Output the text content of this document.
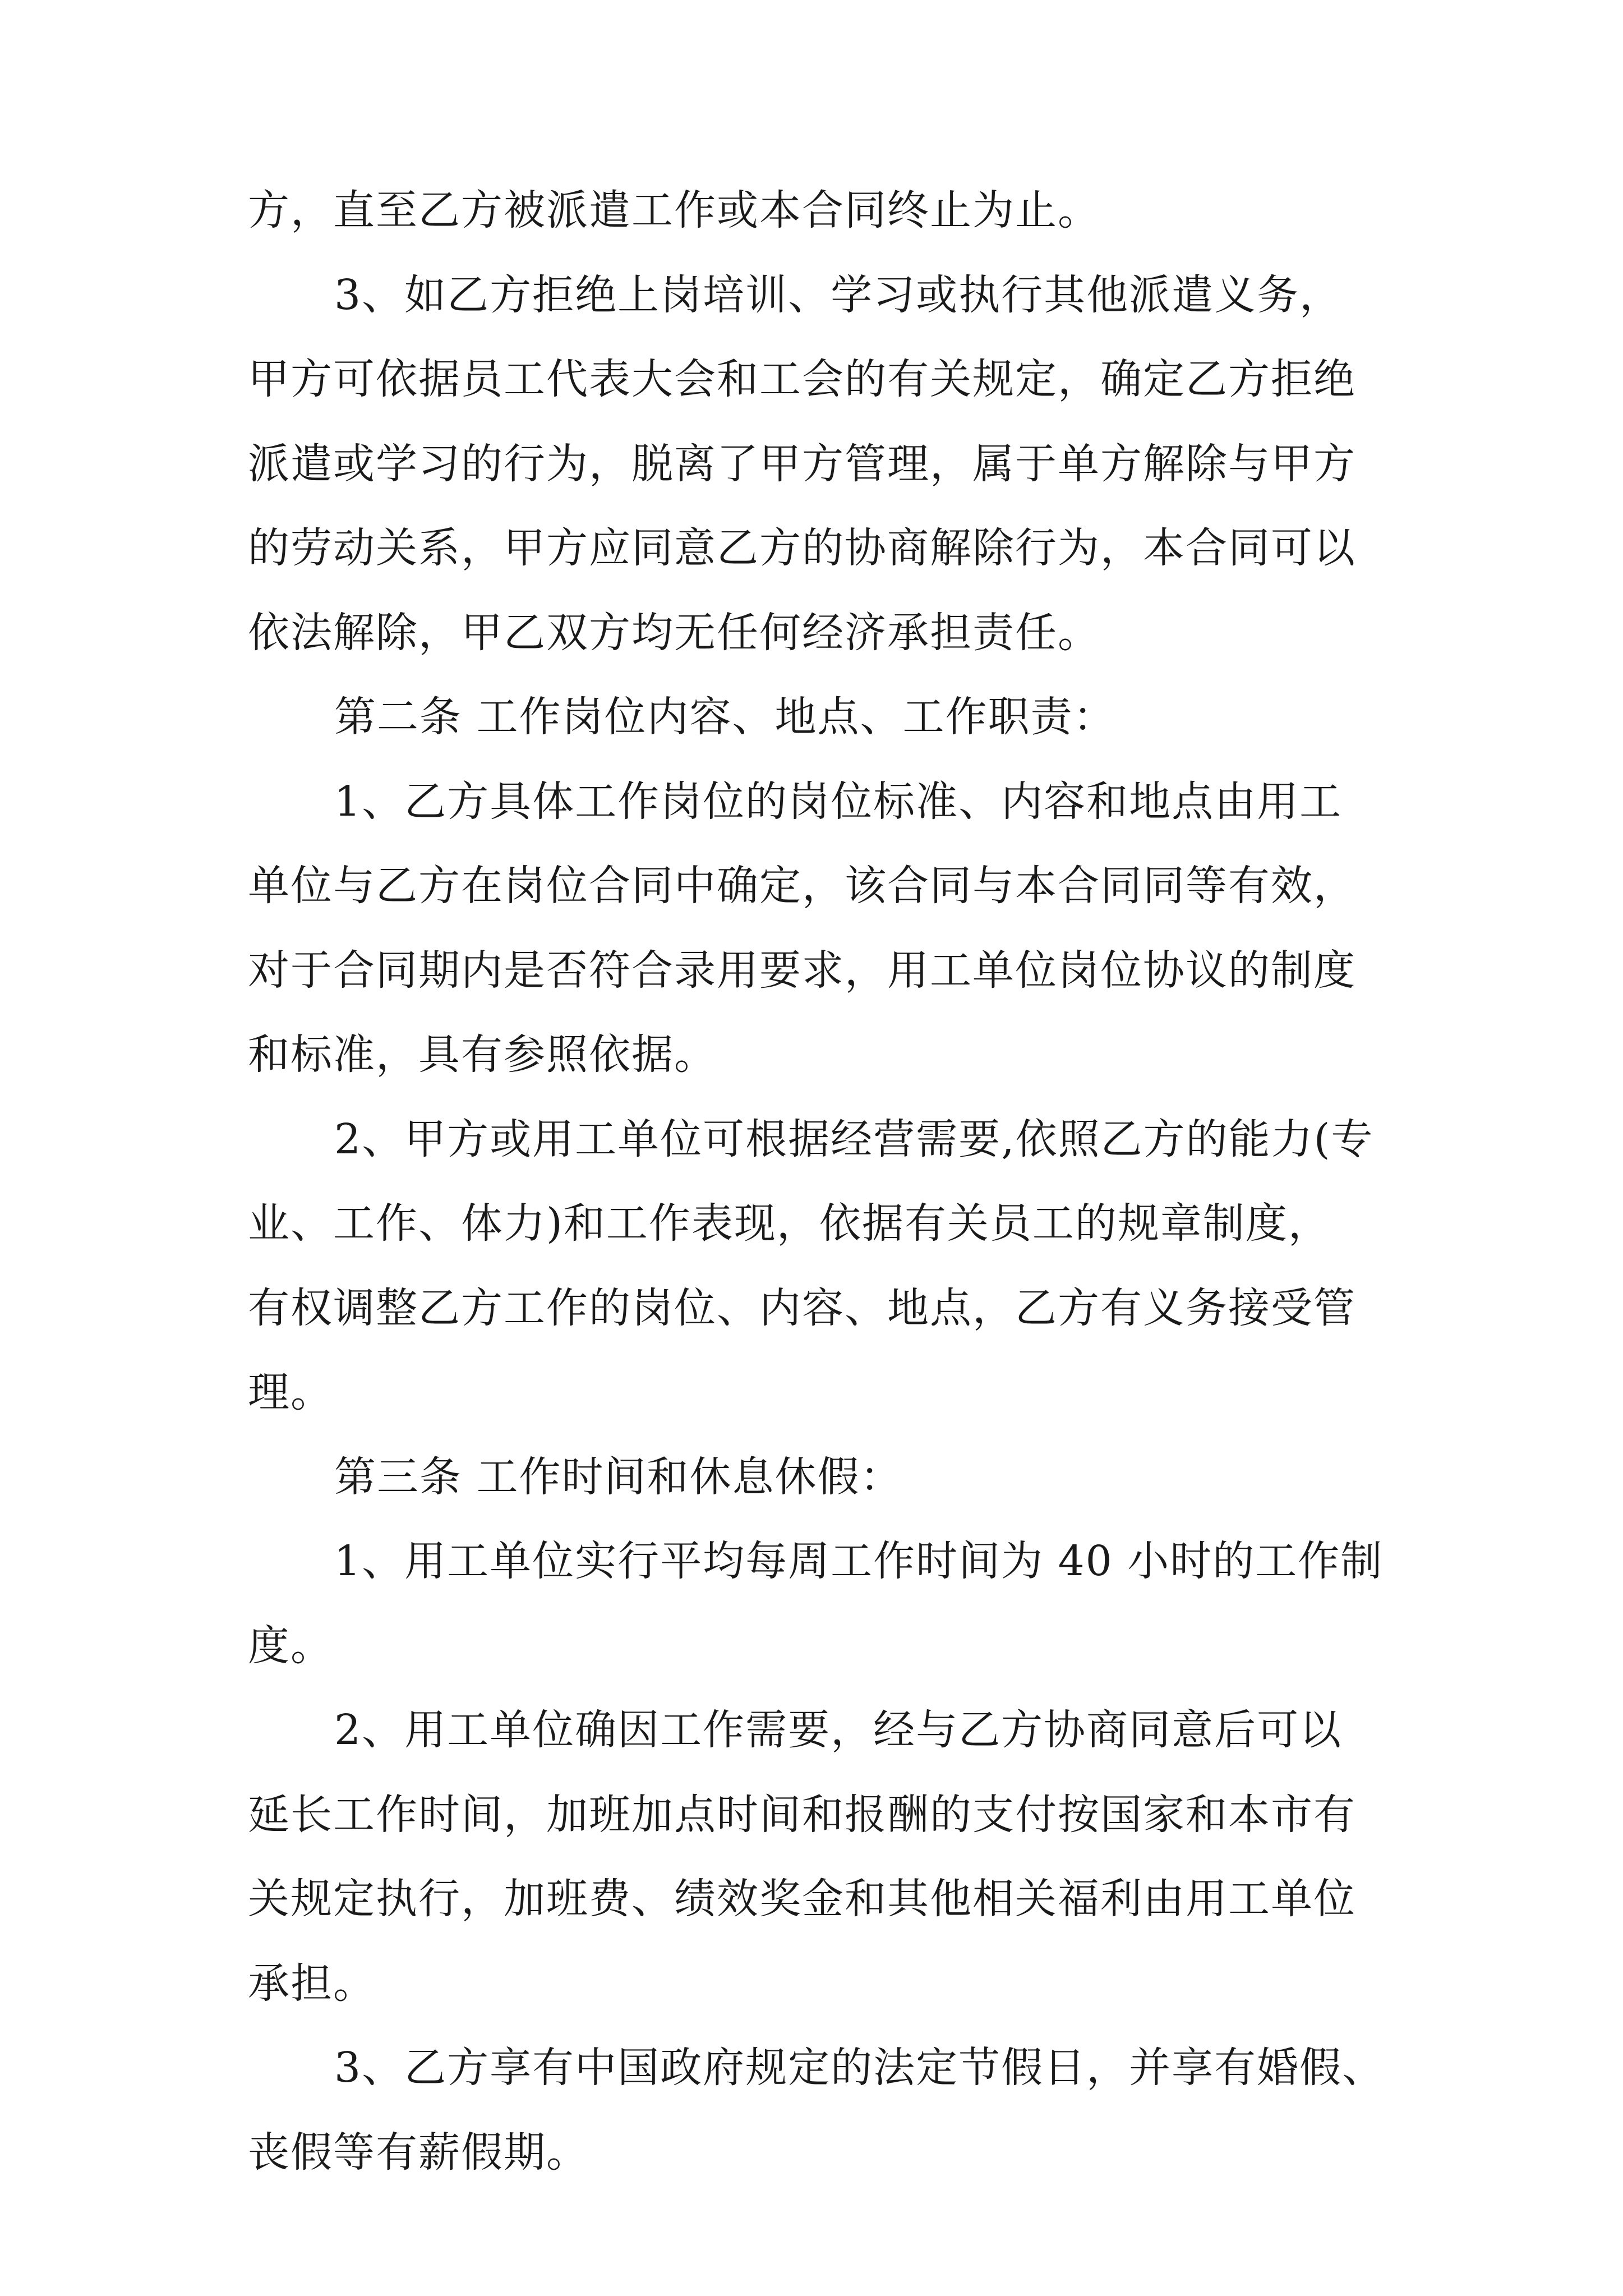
方，直至乙方被派遣工作或本合同终止为止。
3、如乙方拒绝上岗培训、学习或执行其他派遣义务，
甲方可依据员工代表大会和工会的有关规定，确定乙方拒绝
派遣或学习的行为，脱离了甲方管理，属于单方解除与甲方
的劳动关系，甲方应同意乙方的协商解除行为，本合同可以
依法解除，甲乙双方均无任何经济承担责任。
第二条 工作岗位内容、地点、工作职责：
1、乙方具体工作岗位的岗位标准、内容和地点由用工
单位与乙方在岗位合同中确定，该合同与本合同同等有效，
对于合同期内是否符合录用要求，用工单位岗位协议的制度
和标准，具有参照依据。
2、甲方或用工单位可根据经营需要,依照乙方的能力(专
业、工作、体力)和工作表现，依据有关员工的规章制度，
有权调整乙方工作的岗位、内容、地点，乙方有义务接受管
理。
第三条 工作时间和休息休假：
1、用工单位实行平均每周工作时间为 40 小时的工作制
度。
2、用工单位确因工作需要，经与乙方协商同意后可以
延长工作时间，加班加点时间和报酬的支付按国家和本市有
关规定执行，加班费、绩效奖金和其他相关福利由用工单位
承担。
3、乙方享有中国政府规定的法定节假日，并享有婚假、
丧假等有薪假期。
